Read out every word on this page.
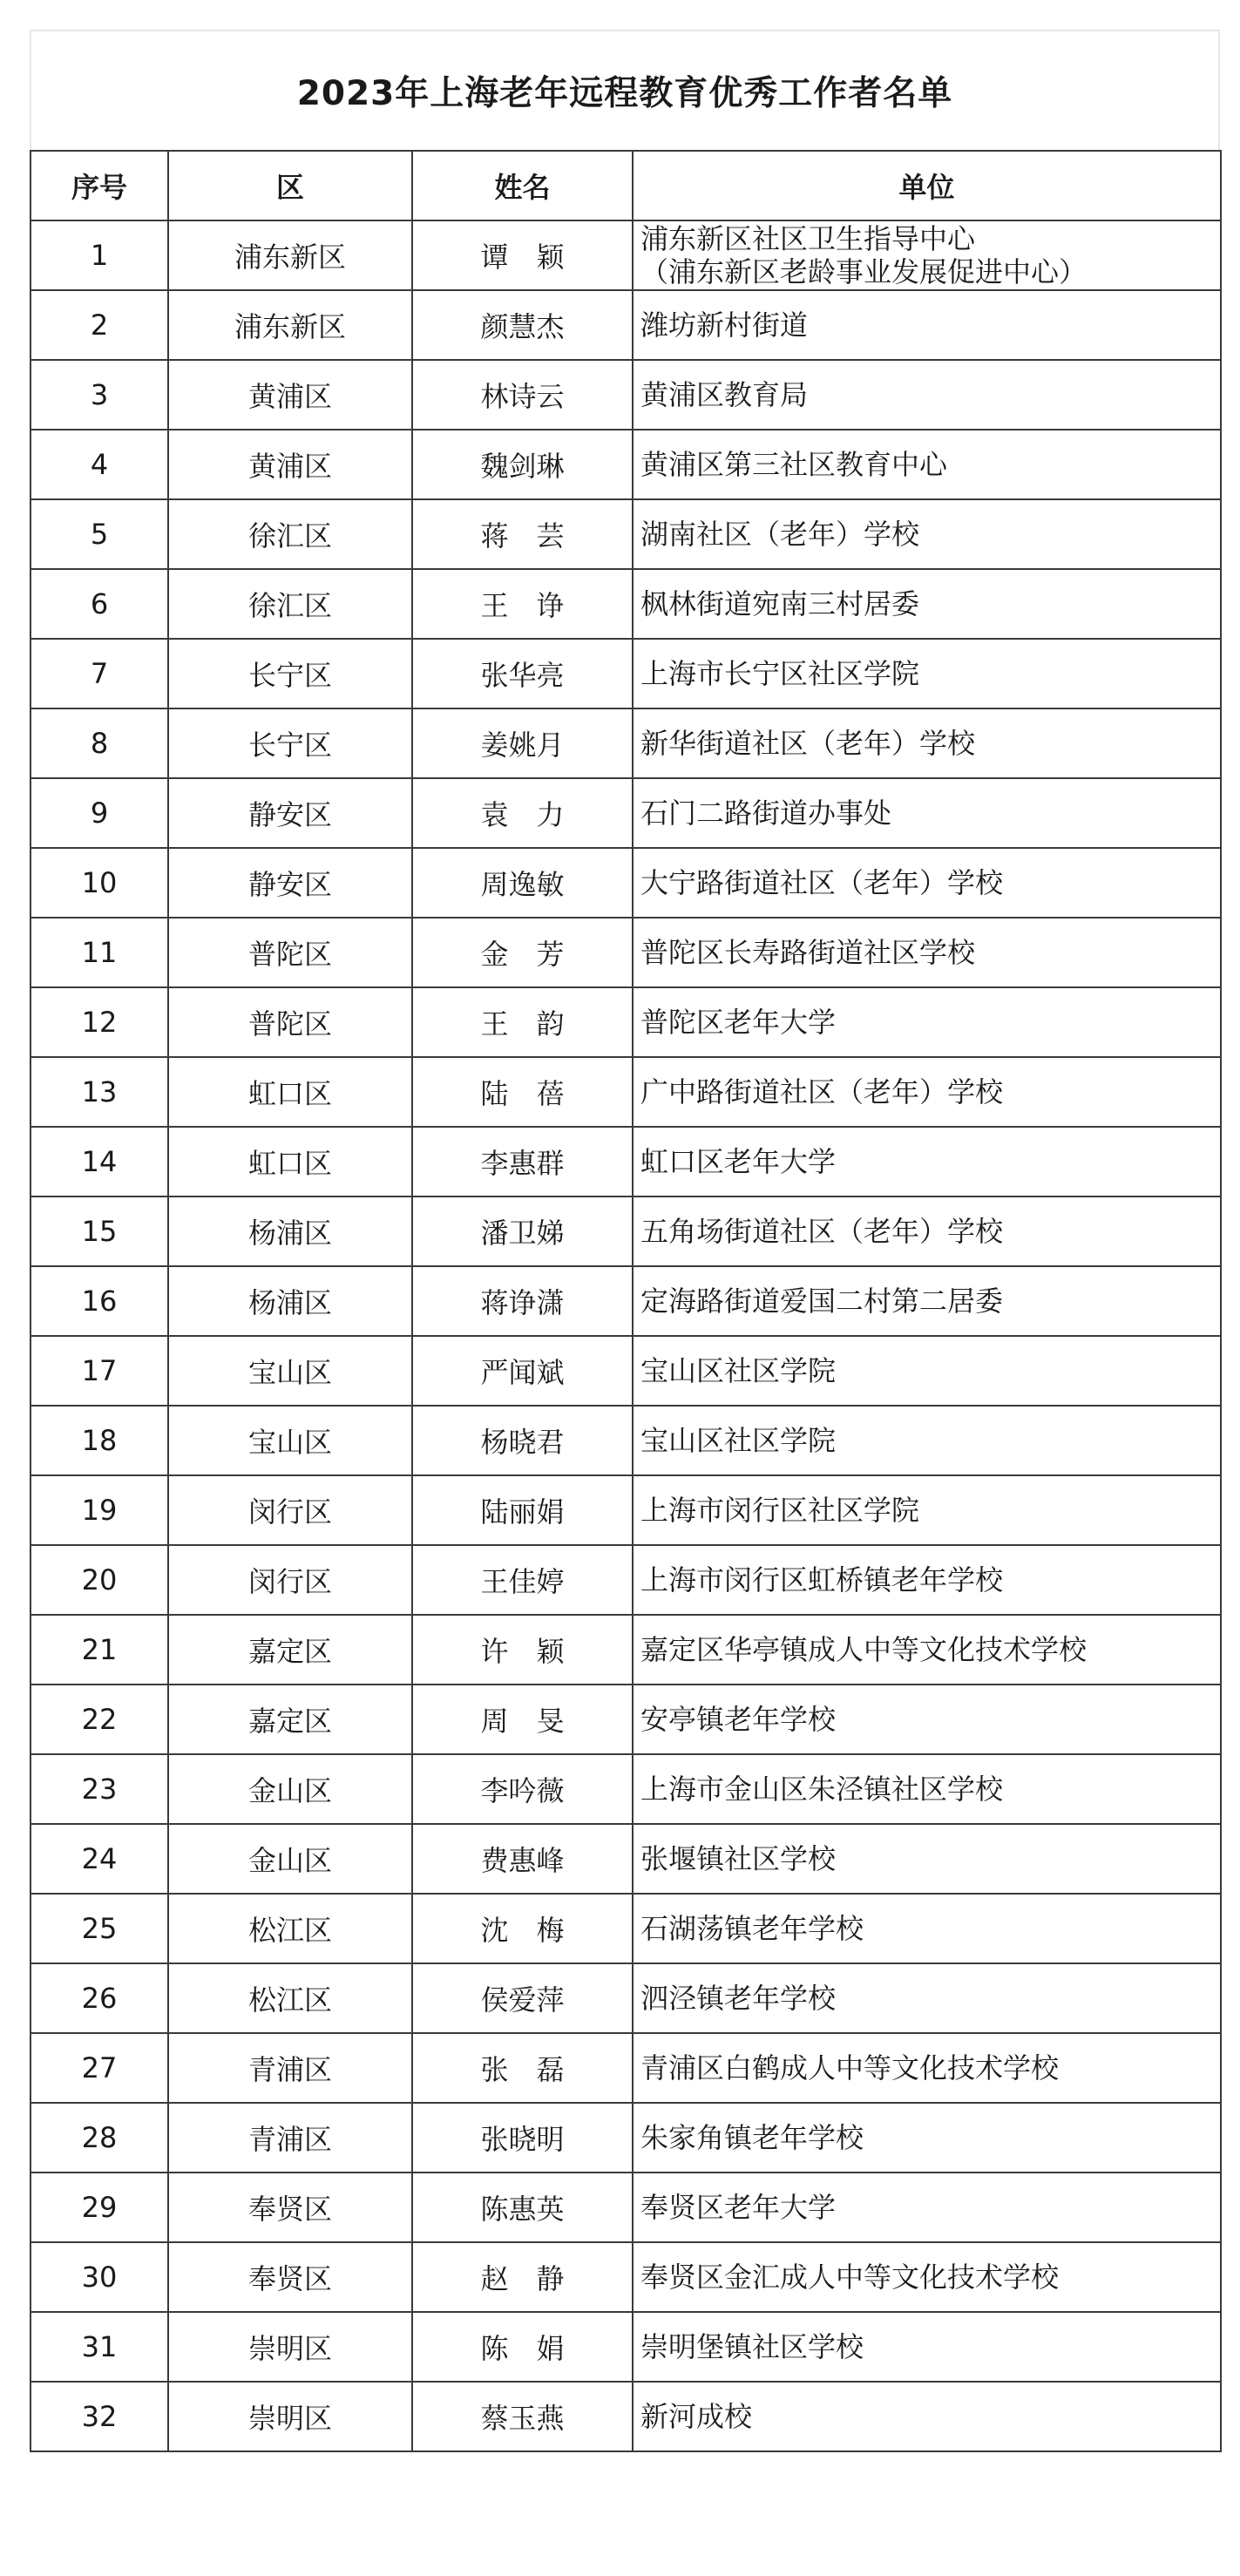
2023年上海老年远程教育优秀工作者名单
序号	区	姓名	单位
1	浦东新区	谭　颖	浦东新区社区卫生指导中心
（浦东新区老龄事业发展促进中心）

2	浦东新区	颜慧杰	潍坊新村街道

3	黄浦区	林诗云	黄浦区教育局

4	黄浦区	魏剑琳	黄浦区第三社区教育中心

5	徐汇区	蒋　芸	湖南社区（老年）学校

6	徐汇区	王　诤	枫林街道宛南三村居委

7	长宁区	张华亮	上海市长宁区社区学院

8	长宁区	姜姚月	新华街道社区（老年）学校

9	静安区	袁　力	石门二路街道办事处

10	静安区	周逸敏	大宁路街道社区（老年）学校

11	普陀区	金　芳	普陀区长寿路街道社区学校

12	普陀区	王　韵	普陀区老年大学

13	虹口区	陆　蓓	广中路街道社区（老年）学校

14	虹口区	李惠群	虹口区老年大学

15	杨浦区	潘卫娣	五角场街道社区（老年）学校

16	杨浦区	蒋诤潇	定海路街道爱国二村第二居委

17	宝山区	严闻斌	宝山区社区学院

18	宝山区	杨晓君	宝山区社区学院

19	闵行区	陆丽娟	上海市闵行区社区学院

20	闵行区	王佳婷	上海市闵行区虹桥镇老年学校

21	嘉定区	许　颖	嘉定区华亭镇成人中等文化技术学校

22	嘉定区	周　旻	安亭镇老年学校

23	金山区	李吟薇	上海市金山区朱泾镇社区学校

24	金山区	费惠峰	张堰镇社区学校

25	松江区	沈　梅	石湖荡镇老年学校

26	松江区	侯爱萍	泗泾镇老年学校

27	青浦区	张　磊	青浦区白鹤成人中等文化技术学校

28	青浦区	张晓明	朱家角镇老年学校

29	奉贤区	陈惠英	奉贤区老年大学

30	奉贤区	赵　静	奉贤区金汇成人中等文化技术学校

31	崇明区	陈　娟	崇明堡镇社区学校

32	崇明区	蔡玉燕	新河成校
